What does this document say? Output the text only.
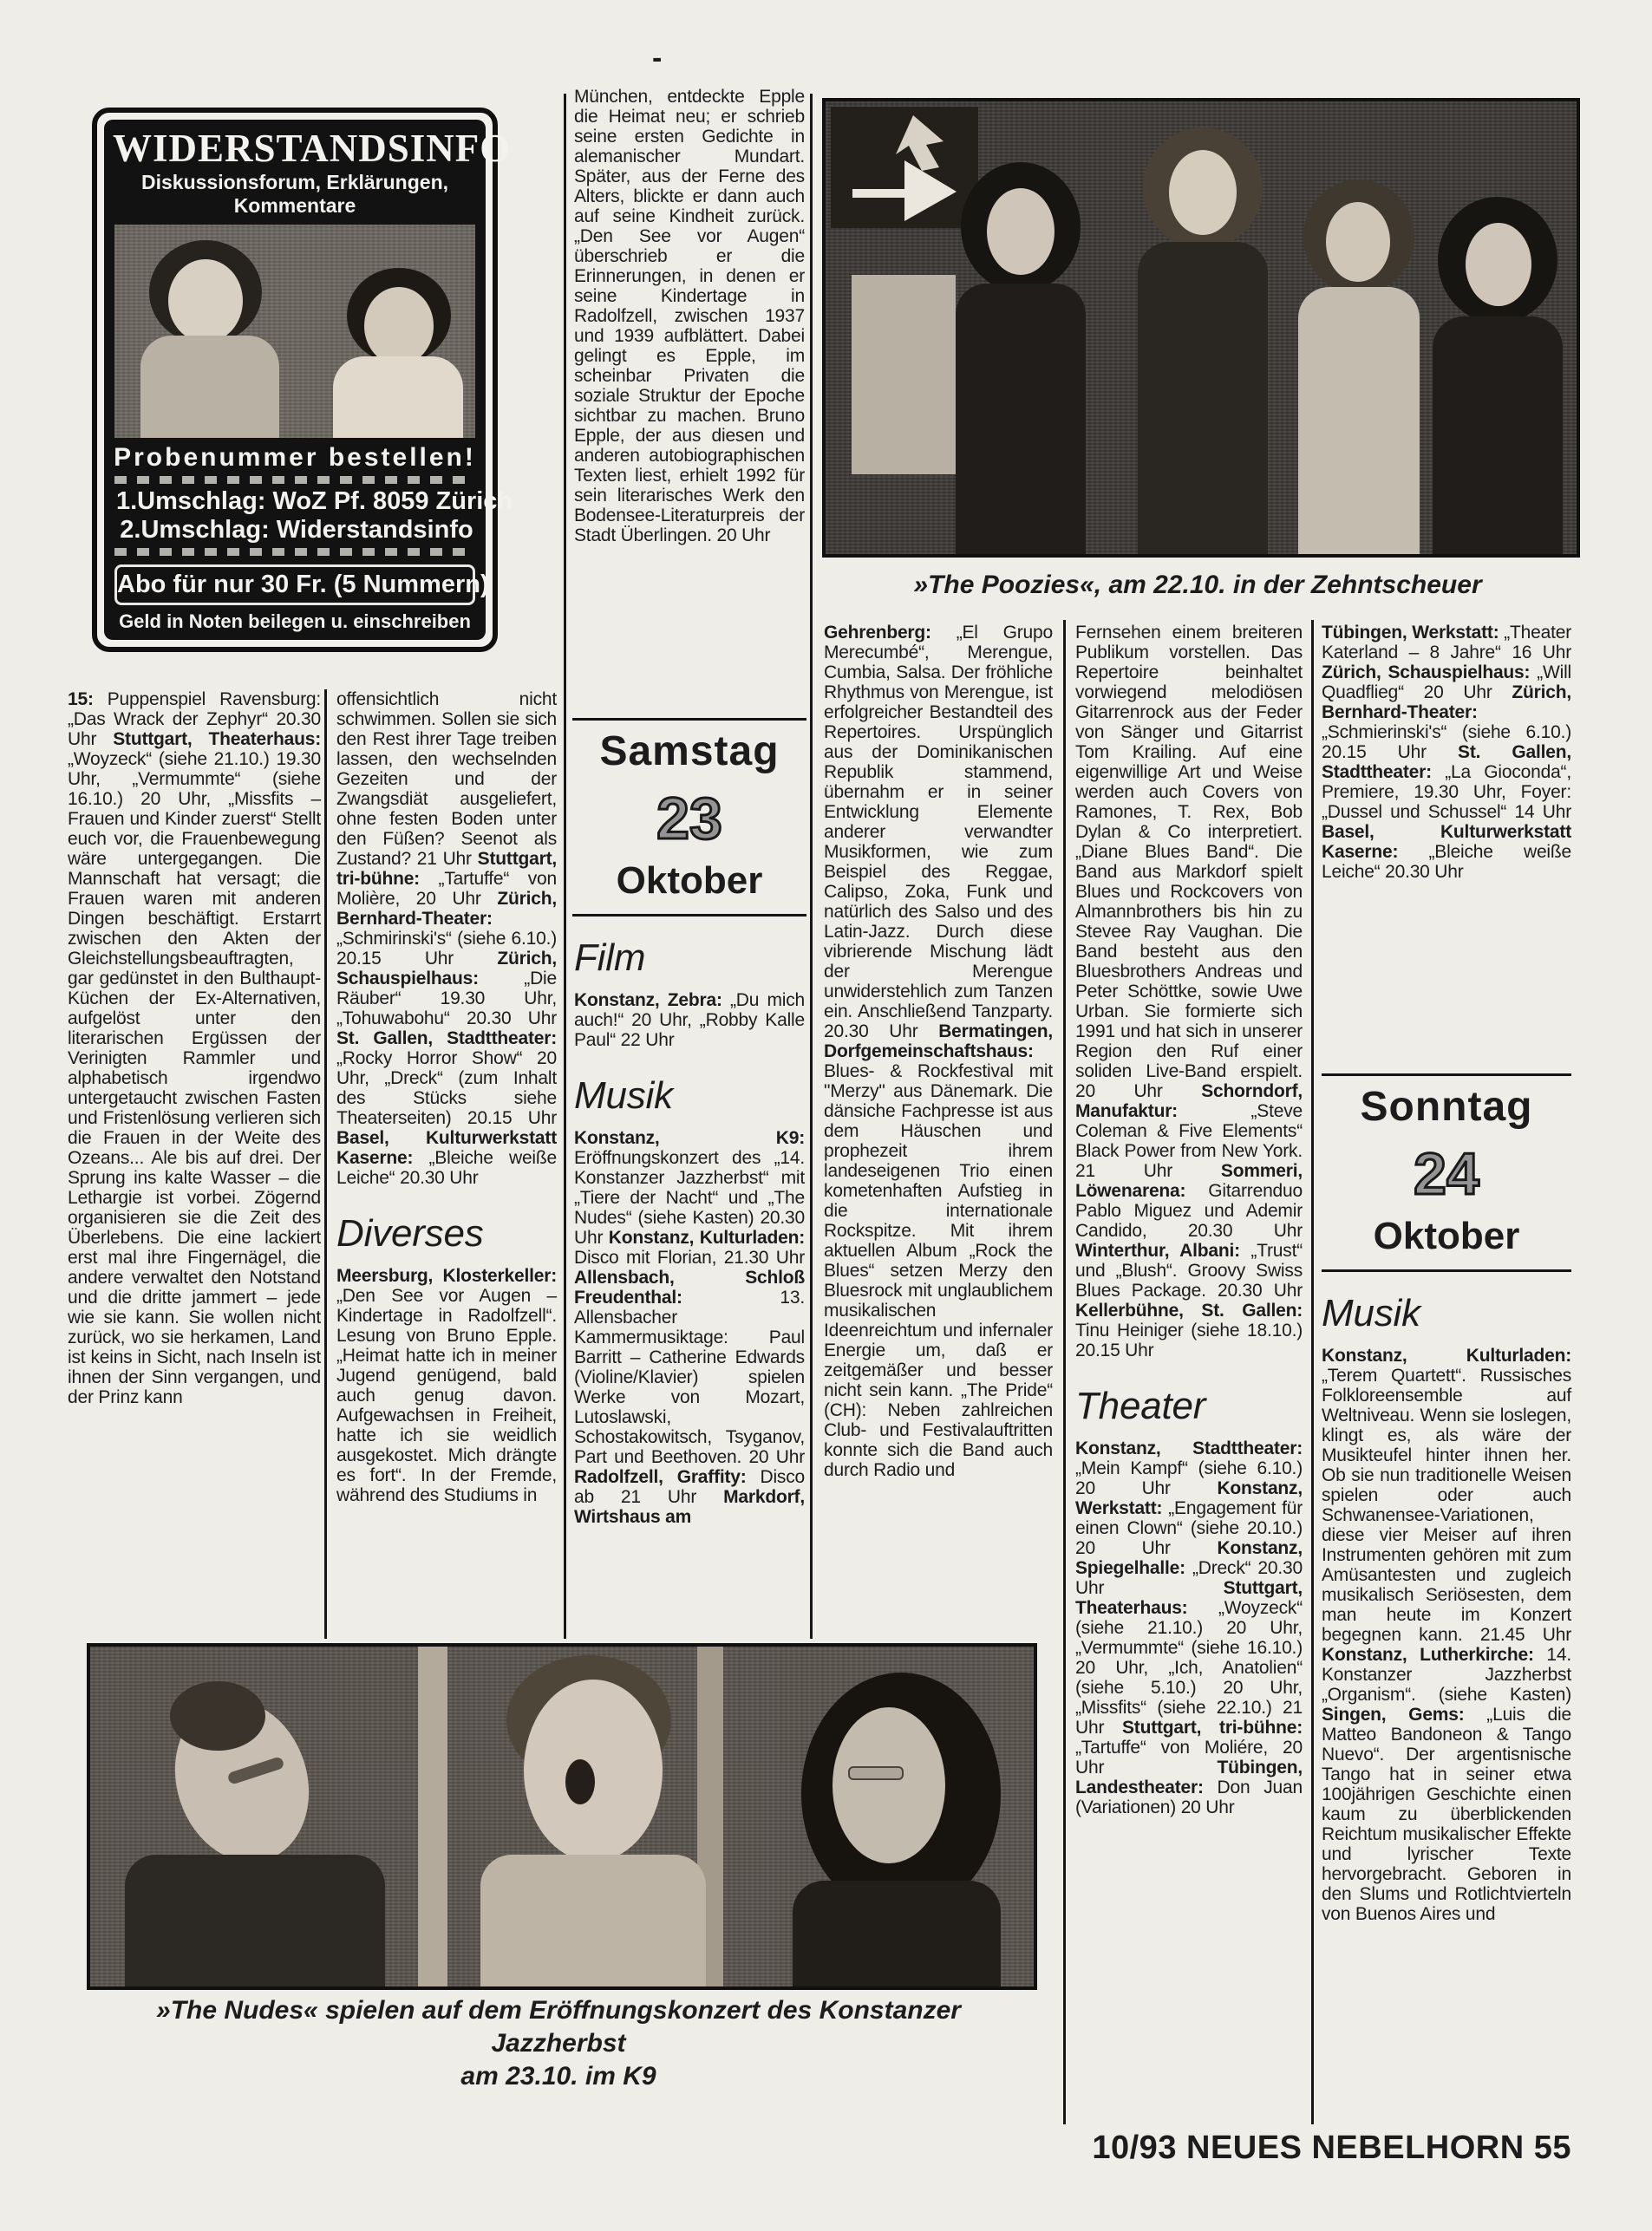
-
WIDERSTANDSINFO
Diskussionsforum, Erklärungen, Kommentare
Probenummer bestellen!
1.Umschlag: WoZ Pf. 8059 Zürich
2.Umschlag: Widerstandsinfo
Abo für nur 30 Fr. (5 Nummern)
Geld in Noten beilegen u. einschreiben
»The Poozies«, am 22.10. in der Zehntscheuer
15: Puppenspiel Ravensburg: „Das Wrack der Zephyr“ 20.30 Uhr Stuttgart, Theaterhaus: „Woyzeck“ (siehe 21.10.) 19.30 Uhr, „Vermummte“ (siehe 16.10.) 20 Uhr, „Missfits – Frauen und Kinder zuerst“ Stellt euch vor, die Frauenbewegung wäre untergegangen. Die Mannschaft hat versagt; die Frauen waren mit anderen Dingen beschäftigt. Erstarrt zwischen den Akten der Gleichstellungsbeauftragten, gar gedünstet in den Bulthaupt-Küchen der Ex-Alternativen, aufgelöst unter den literarischen Ergüssen der Verinigten Rammler und alphabetisch irgendwo untergetaucht zwischen Fasten und Fristenlösung verlieren sich die Frauen in der Weite des Ozeans... Ale bis auf drei. Der Sprung ins kalte Wasser – die Lethargie ist vorbei. Zögernd organisieren sie die Zeit des Überlebens. Die eine lackiert erst mal ihre Fingernägel, die andere verwaltet den Notstand und die dritte jammert – jede wie sie kann. Sie wollen nicht zurück, wo sie herkamen, Land ist keins in Sicht, nach Inseln ist ihnen der Sinn vergangen, und der Prinz kann
offensichtlich nicht schwimmen. Sollen sie sich den Rest ihrer Tage treiben lassen, den wechselnden Gezeiten und der Zwangsdiät ausgeliefert, ohne festen Boden unter den Füßen? Seenot als Zustand? 21 Uhr Stuttgart, tri-bühne: „Tartuffe“ von Molière, 20 Uhr Zürich, Bernhard-Theater: „Schmirinski's“ (siehe 6.10.) 20.15 Uhr Zürich, Schauspielhaus: „Die Räuber“ 19.30 Uhr, „Tohuwabohu“ 20.30 Uhr St. Gallen, Stadttheater: „Rocky Horror Show“ 20 Uhr, „Dreck“ (zum Inhalt des Stücks siehe Theaterseiten) 20.15 Uhr Basel, Kulturwerkstatt Kaserne: „Bleiche weiße Leiche“ 20.30 Uhr
Diverses
Meersburg, Klosterkeller: „Den See vor Augen – Kindertage in Radolfzell“. Lesung von Bruno Epple. „Heimat hatte ich in meiner Jugend genügend, bald auch genug davon. Aufgewachsen in Freiheit, hatte ich sie weidlich ausgekostet. Mich drängte es fort“. In der Fremde, während des Studiums in
München, entdeckte Epple die Heimat neu; er schrieb seine ersten Gedichte in alemanischer Mundart. Später, aus der Ferne des Alters, blickte er dann auch auf seine Kindheit zurück. „Den See vor Augen“ überschrieb er die Erinnerungen, in denen er seine Kindertage in Radolfzell, zwischen 1937 und 1939 aufblättert. Dabei gelingt es Epple, im scheinbar Privaten die soziale Struktur der Epoche sichtbar zu machen. Bruno Epple, der aus diesen und anderen autobiographischen Texten liest, erhielt 1992 für sein literarisches Werk den Bodensee-Literaturpreis der Stadt Überlingen. 20 Uhr
Samstag
23
Oktober
Film
Konstanz, Zebra: „Du mich auch!“ 20 Uhr, „Robby Kalle Paul“ 22 Uhr
Musik
Konstanz, K9: Eröffnungskonzert des „14. Konstanzer Jazzherbst“ mit „Tiere der Nacht“ und „The Nudes“ (siehe Kasten) 20.30 Uhr Konstanz, Kulturladen: Disco mit Florian, 21.30 Uhr Allensbach, Schloß Freudenthal:	13. Allensbacher Kammermusiktage: Paul Barritt – Catherine Edwards (Violine/Klavier) spielen Werke von Mozart, Lutoslawski, Schostakowitsch, Tsyganov, Part und Beethoven. 20 Uhr Radolfzell, Graffity: Disco ab 21 Uhr Markdorf, Wirtshaus am
Gehrenberg: „El Grupo Merecumbé“, Merengue, Cumbia, Salsa. Der fröhliche Rhythmus von Merengue, ist erfolgreicher Bestandteil des Repertoires. Urspünglich aus der Dominikanischen Republik stammend, übernahm er in seiner Entwicklung Elemente anderer verwandter Musikformen, wie zum Beispiel des Reggae, Calipso, Zoka, Funk und natürlich des Salso und des Latin-Jazz. Durch diese vibrierende Mischung lädt der Merengue unwiderstehlich zum Tanzen ein. Anschließend Tanzparty. 20.30 Uhr Bermatingen, Dorfgemeinschaftshaus: Blues- & Rockfestival mit "Merzy" aus Dänemark. Die dänsiche Fachpresse ist aus dem Häuschen und prophezeit ihrem landeseigenen Trio einen kometenhaften Aufstieg in die internationale Rockspitze. Mit ihrem aktuellen Album „Rock the Blues“ setzen Merzy den Bluesrock mit unglaublichem musikalischen Ideenreichtum und infernaler Energie um, daß er zeitgemäßer und besser nicht sein kann. „The Pride“ (CH): Neben zahlreichen Club- und Festivalauftritten konnte sich die Band auch durch Radio und
Fernsehen einem breiteren Publikum vorstellen. Das Repertoire beinhaltet vorwiegend melodiösen Gitarrenrock aus der Feder von Sänger und Gitarrist Tom Krailing. Auf eine eigenwillige Art und Weise werden auch Covers von Ramones, T. Rex, Bob Dylan & Co interpretiert. „Diane Blues Band“. Die Band aus Markdorf spielt Blues und Rockcovers von Almannbrothers bis hin zu Stevee Ray Vaughan. Die Band besteht aus den Bluesbrothers Andreas und Peter Schöttke, sowie Uwe Urban. Sie formierte sich 1991 und hat sich in unserer Region den Ruf einer soliden Live-Band erspielt. 20 Uhr Schorndorf, Manufaktur:	„Steve Coleman & Five Elements“ Black Power from New York. 21 Uhr	Sommeri, Löwenarena: Gitarrenduo Pablo Miguez und Ademir Candido, 20.30 Uhr Winterthur, Albani: „Trust“ und „Blush“. Groovy Swiss Blues Package. 20.30 Uhr Kellerbühne, St. Gallen: Tinu Heiniger (siehe 18.10.) 20.15 Uhr
Theater
Konstanz, Stadttheater: „Mein Kampf“ (siehe 6.10.) 20 Uhr	Konstanz, Werkstatt: „Engagement für einen Clown“ (siehe 20.10.) 20 Uhr	Konstanz, Spiegelhalle: „Dreck“ 20.30 Uhr	Stuttgart, Theaterhaus: „Woyzeck“ (siehe 21.10.) 20 Uhr, „Vermummte“ (siehe 16.10.) 20 Uhr, „Ich, Anatolien“ (siehe 5.10.) 20 Uhr, „Missfits“ (siehe 22.10.) 21 Uhr Stuttgart, tri-bühne: „Tartuffe“ von Moliére, 20 Uhr	Tübingen, Landestheater: Don Juan (Variationen) 20 Uhr
Tübingen, Werkstatt: „Theater Katerland – 8 Jahre“ 16 Uhr Zürich, Schauspielhaus: „Will Quadflieg“ 20 Uhr Zürich, Bernhard-Theater: „Schmierinski's“ (siehe 6.10.) 20.15 Uhr St. Gallen, Stadttheater: „La Gioconda“, Premiere, 19.30 Uhr, Foyer: „Dussel und Schussel“ 14 Uhr Basel, Kulturwerkstatt Kaserne: „Bleiche weiße Leiche“ 20.30 Uhr
Sonntag
24
Oktober
Musik
Konstanz, Kulturladen: „Terem Quartett“. Russisches Folkloreensemble auf Weltniveau. Wenn sie loslegen, klingt es, als wäre der Musikteufel hinter ihnen her. Ob sie nun traditionelle Weisen spielen oder auch Schwanensee-Variationen, diese vier Meiser auf ihren Instrumenten gehören mit zum Amüsantesten und zugleich musikalisch Seriösesten, dem man heute im Konzert begegnen kann. 21.45 Uhr Konstanz, Lutherkirche: 14. Konstanzer Jazzherbst „Organism“. (siehe Kasten) Singen, Gems: „Luis die Matteo Bandoneon & Tango Nuevo“. Der argentisnische Tango hat in seiner etwa 100jährigen Geschichte einen kaum zu überblickenden Reichtum musikalischer Effekte und lyrischer Texte hervorgebracht. Geboren in den Slums und Rotlichtvierteln von Buenos Aires und
»The Nudes« spielen auf dem Eröffnungskonzert des Konstanzer Jazzherbst
am 23.10. im K9
10/93 NEUES NEBELHORN 55
